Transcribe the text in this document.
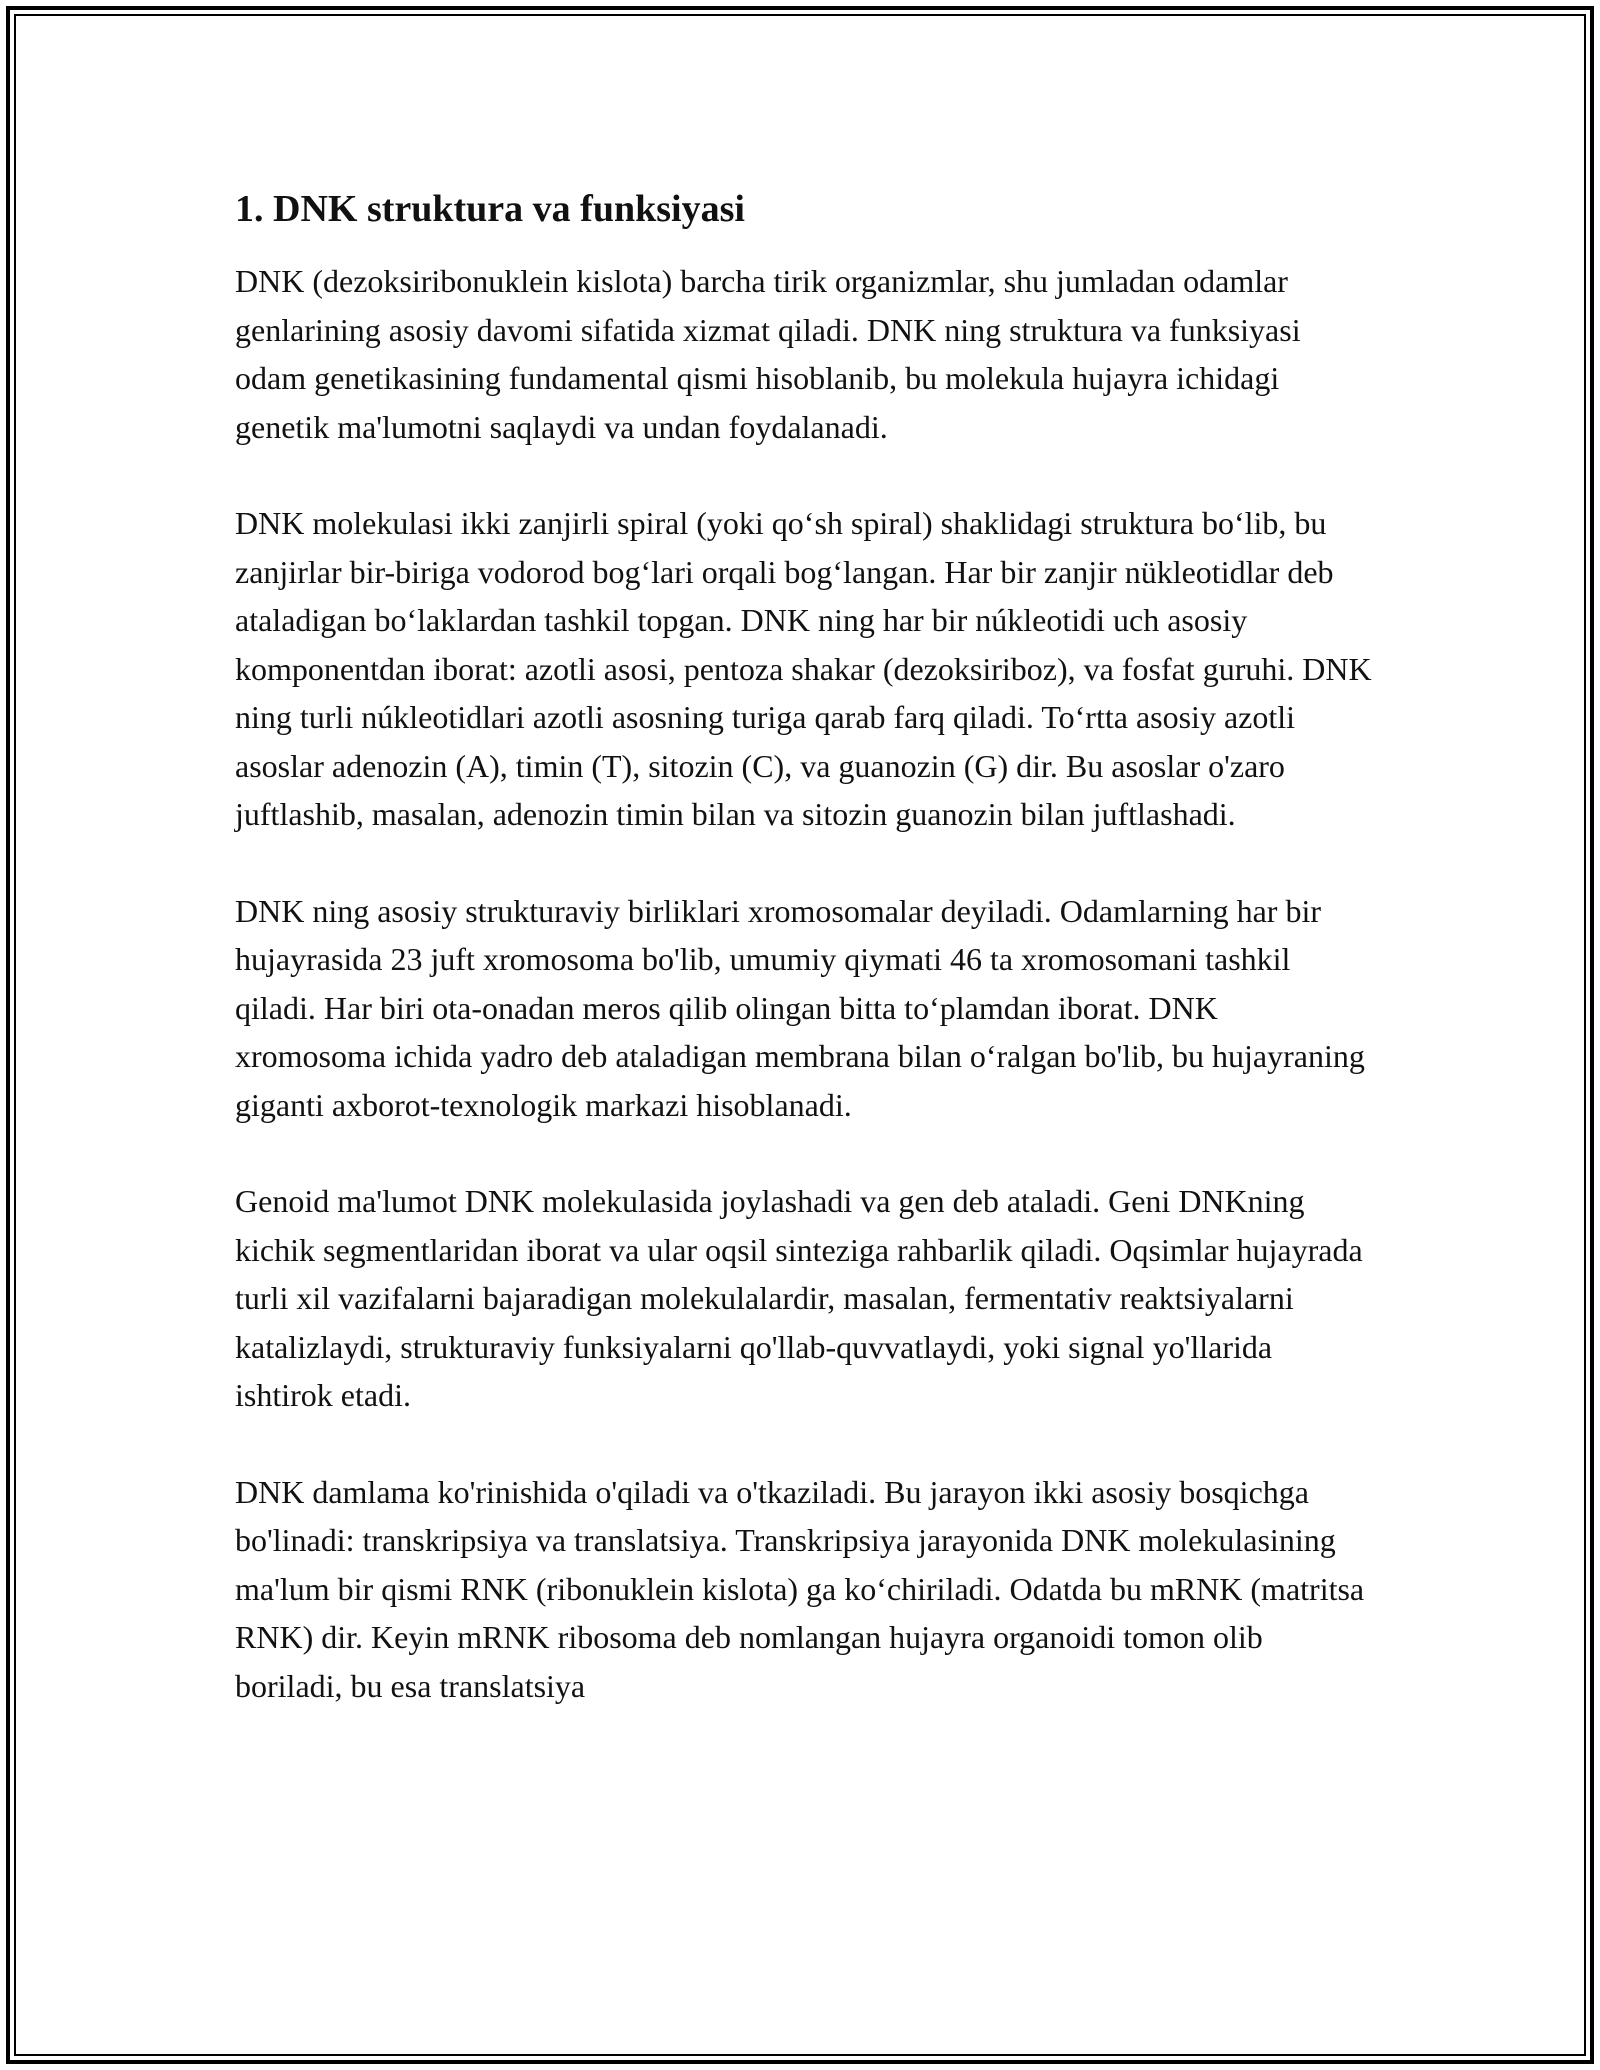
1. DNK struktura va funksiyasi

DNK (dezoksiribonuklein kislota) barcha tirik organizmlar, shu jumladan odamlar genlarining asosiy davomi sifatida xizmat qiladi. DNK ning struktura va funksiyasi odam genetikasining fundamental qismi hisoblanib, bu molekula hujayra ichidagi genetik ma'lumotni saqlaydi va undan foydalanadi.

DNK molekulasi ikki zanjirli spiral (yoki qo‘sh spiral) shaklidagi struktura bo‘lib, bu zanjirlar bir-biriga vodorod bog‘lari orqali bog‘langan. Har bir zanjir nükleotidlar deb ataladigan bo‘laklardan tashkil topgan. DNK ning har bir núkleotidi uch asosiy komponentdan iborat: azotli asosi, pentoza shakar (dezoksiriboz), va fosfat guruhi. DNK ning turli núkleotidlari azotli asosning turiga qarab farq qiladi. To‘rtta asosiy azotli asoslar adenozin (A), timin (T), sitozin (C), va guanozin (G) dir. Bu asoslar o'zaro juftlashib, masalan, adenozin timin bilan va sitozin guanozin bilan juftlashadi.

DNK ning asosiy strukturaviy birliklari xromosomalar deyiladi. Odamlarning har bir hujayrasida 23 juft xromosoma bo'lib, umumiy qiymati 46 ta xromosomani tashkil qiladi. Har biri ota-onadan meros qilib olingan bitta to‘plamdan iborat. DNK xromosoma ichida yadro deb ataladigan membrana bilan o‘ralgan bo'lib, bu hujayraning giganti axborot-texnologik markazi hisoblanadi.

Genoid ma'lumot DNK molekulasida joylashadi va gen deb ataladi. Geni DNKning kichik segmentlaridan iborat va ular oqsil sinteziga rahbarlik qiladi. Oqsimlar hujayrada turli xil vazifalarni bajaradigan molekulalardir, masalan, fermentativ reaktsiyalarni katalizlaydi, strukturaviy funksiyalarni qo'llab-quvvatlaydi, yoki signal yo'llarida ishtirok etadi.

DNK damlama ko'rinishida o'qiladi va o'tkaziladi. Bu jarayon ikki asosiy bosqichga bo'linadi: transkripsiya va translatsiya. Transkripsiya jarayonida DNK molekulasining ma'lum bir qismi RNK (ribonuklein kislota) ga ko‘chiriladi. Odatda bu mRNK (matritsa RNK) dir. Keyin mRNK ribosoma deb nomlangan hujayra organoidi tomon olib boriladi, bu esa translatsiya
